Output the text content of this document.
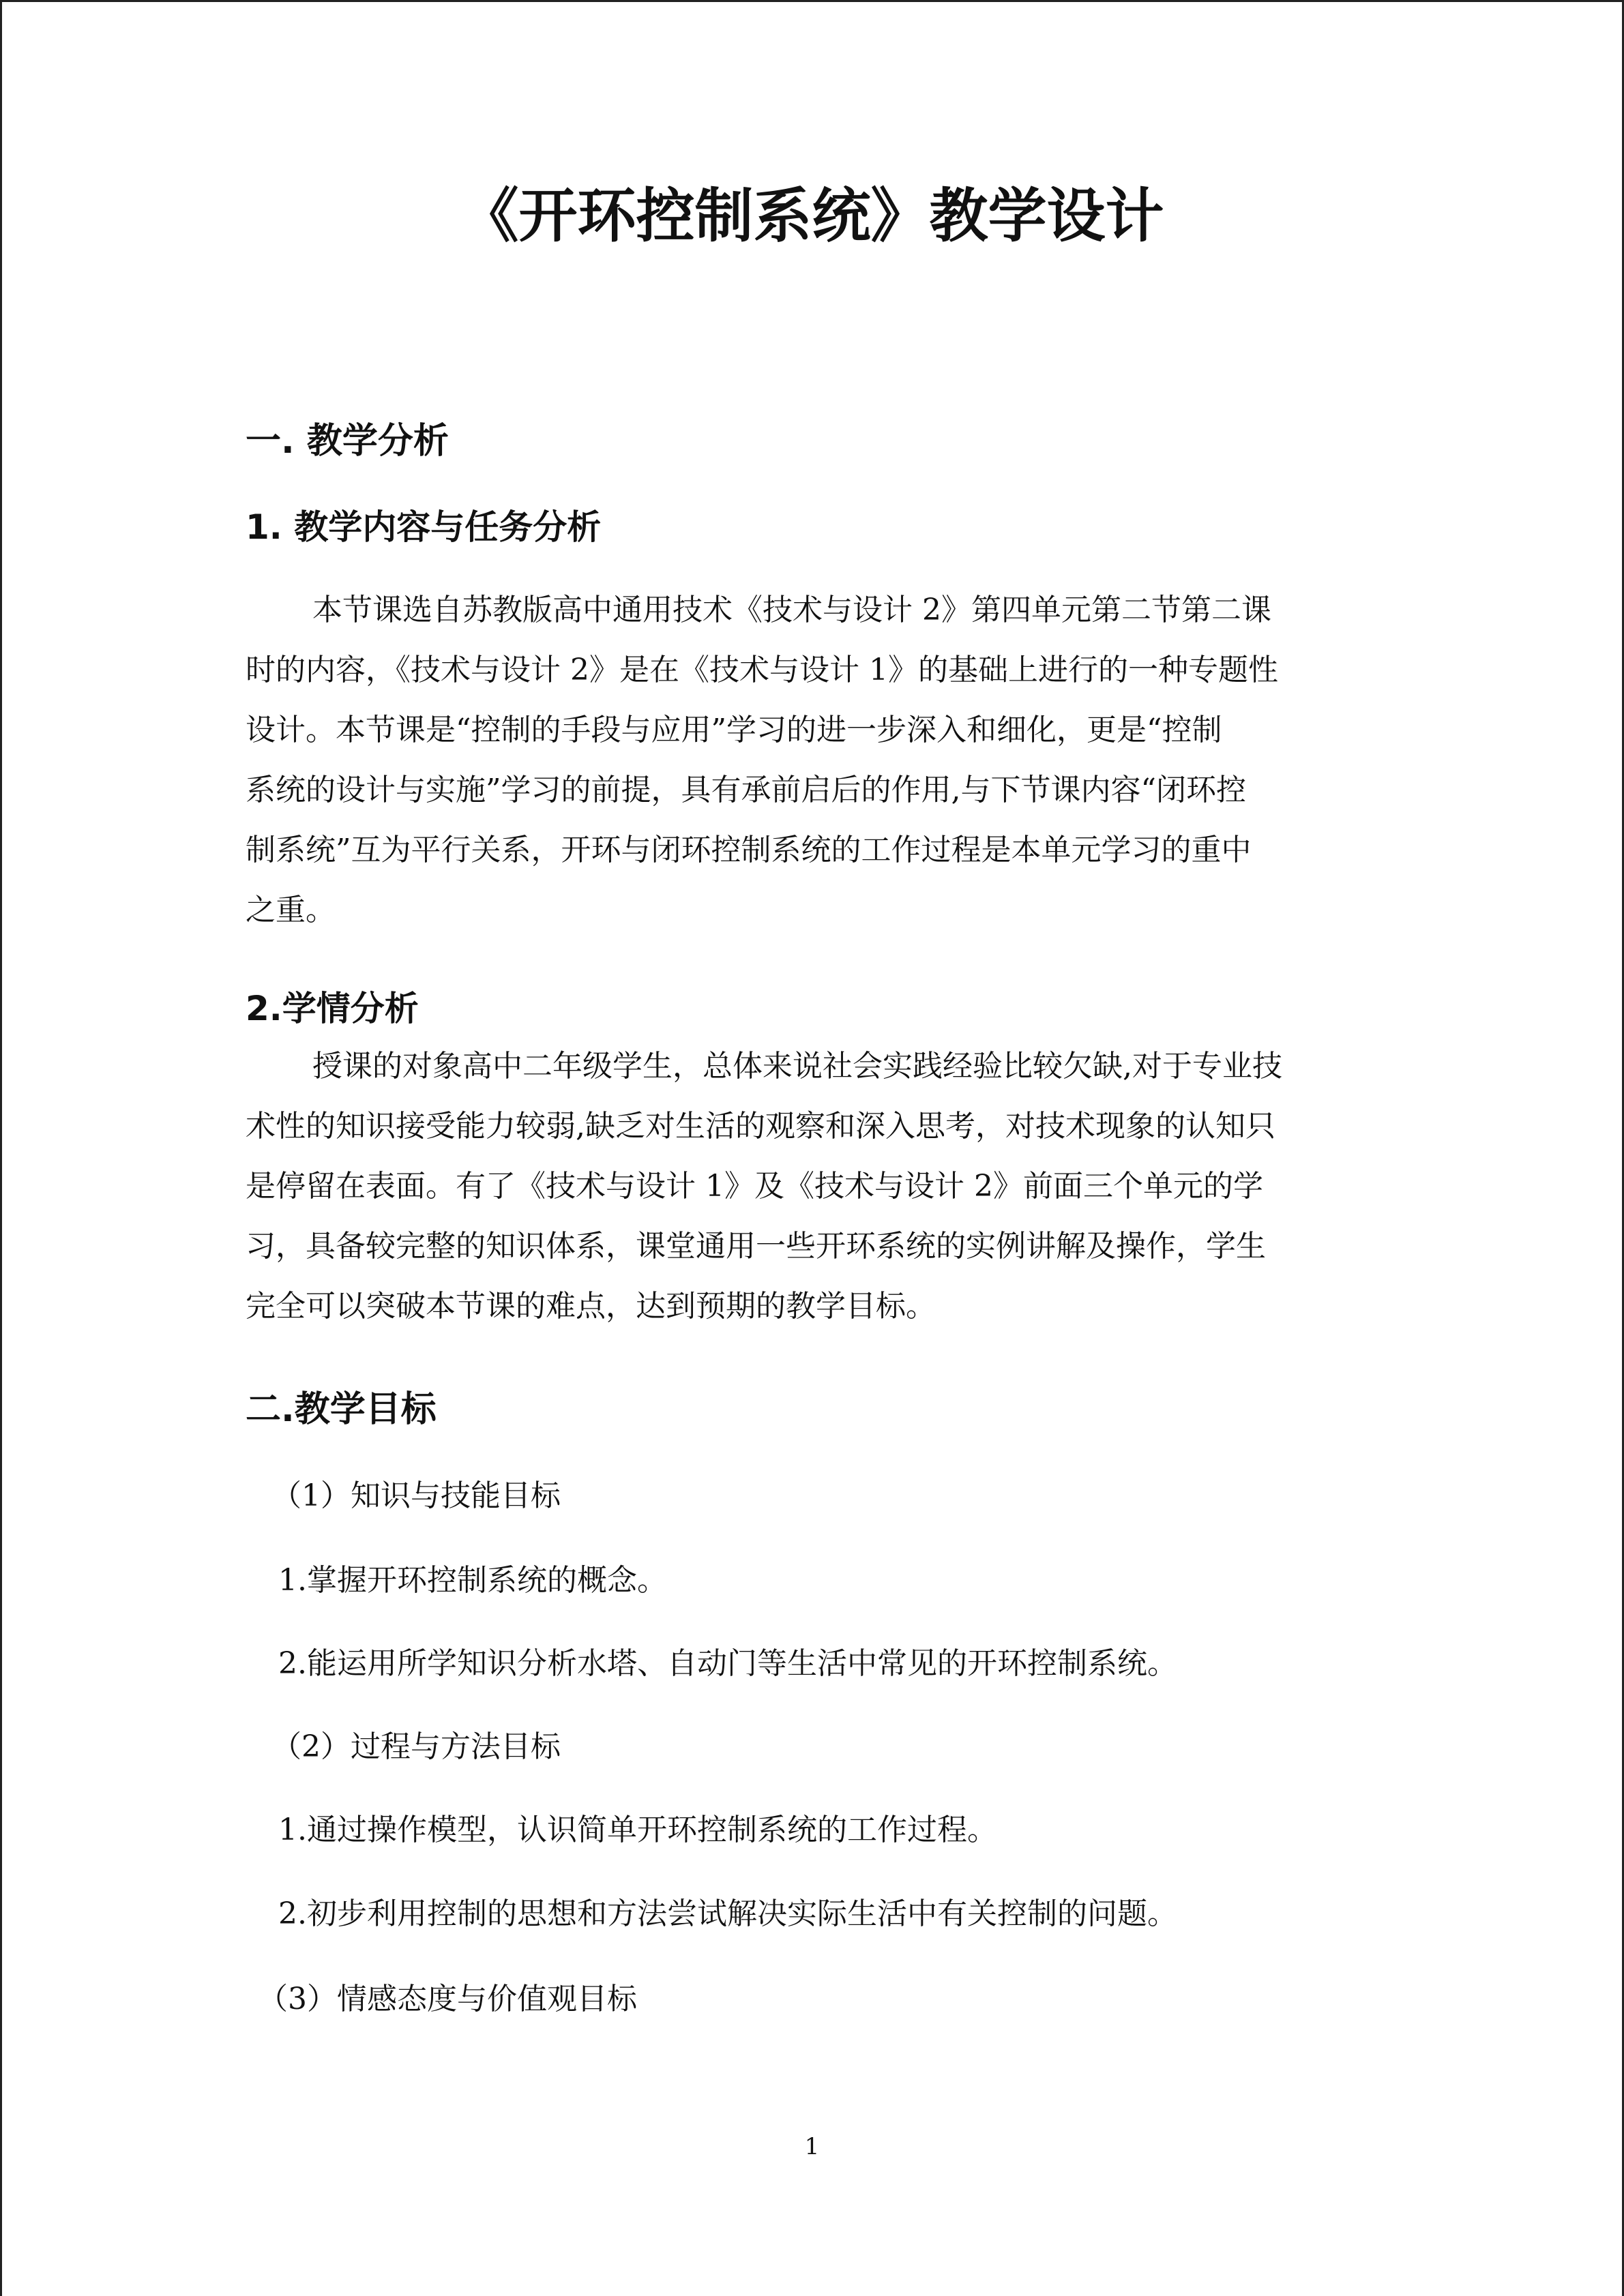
《开环控制系统》教学设计
一. 教学分析
1. 教学内容与任务分析
本节课选自苏教版高中通用技术《技术与设计 2》第四单元第二节第二课
时的内容，《技术与设计 2》是在《技术与设计 1》的基础上进行的一种专题性
设计。本节课是“控制的手段与应用”学习的进一步深入和细化，更是“控制
系统的设计与实施”学习的前提，具有承前启后的作用,与下节课内容“闭环控
制系统”互为平行关系，开环与闭环控制系统的工作过程是本单元学习的重中
之重。
2.学情分析
授课的对象高中二年级学生，总体来说社会实践经验比较欠缺,对于专业技
术性的知识接受能力较弱,缺乏对生活的观察和深入思考，对技术现象的认知只
是停留在表面。有了《技术与设计 1》及《技术与设计 2》前面三个单元的学
习，具备较完整的知识体系，课堂通用一些开环系统的实例讲解及操作，学生
完全可以突破本节课的难点，达到预期的教学目标。
二.教学目标
（1）知识与技能目标
1.掌握开环控制系统的概念。
2.能运用所学知识分析水塔、自动门等生活中常见的开环控制系统。
（2）过程与方法目标
1.通过操作模型，认识简单开环控制系统的工作过程。
2.初步利用控制的思想和方法尝试解决实际生活中有关控制的问题。
（3）情感态度与价值观目标
1
